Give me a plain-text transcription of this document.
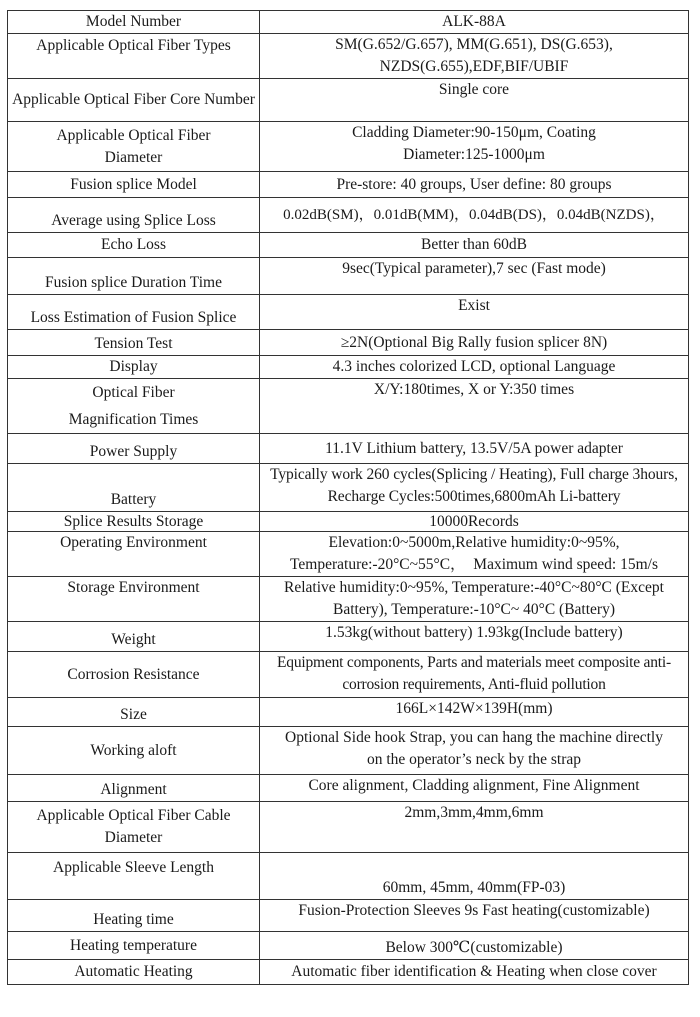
Model Number	ALK-88A
Applicable Optical Fiber Types	SM(G.652/G.657), MM(G.651), DS(G.653), NZDS(G.655),EDF,BIF/UBIF

Applicable Optical Fiber Core Number	Single core

Applicable Optical Fiber Diameter	Cladding Diameter:90-150μm, Coating Diameter:125-1000μm

Fusion splice Model	Pre-store: 40 groups, User define: 80 groups
Average using Splice Loss	0.02dB(SM)，0.01dB(MM)，0.04dB(DS)，0.04dB(NZDS)，
Echo Loss	Better than 60dB
Fusion splice Duration Time	9sec(Typical parameter),7 sec (Fast mode)
Loss Estimation of Fusion Splice	Exist
Tension Test	≥2N(Optional Big Rally fusion splicer 8N)
Display	4.3 inches colorized LCD, optional Language

Optical Fiber Magnification Times	X/Y:180times, X or Y:350 times
Power Supply	11.1V Lithium battery, 13.5V/5A power adapter
Battery	Typically work 260 cycles(Splicing / Heating), Full charge 3hours, Recharge Cycles:500times,6800mAh Li-battery

Splice Results Storage	10000Records
Operating Environment	Elevation:0~5000m,Relative humidity:0~95%, Temperature:-20°C~55°C，  Maximum wind speed: 15m/s

Storage Environment	Relative humidity:0~95%, Temperature:-40°C~80°C (Except Battery), Temperature:-10°C~ 40°C (Battery)

Weight	1.53kg(without battery) 1.93kg(Include battery)
Corrosion Resistance	Equipment components, Parts and materials meet composite anti-corrosion requirements, Anti-fluid pollution

Size	166L×142W×139H(mm)
Working aloft	Optional Side hook Strap, you can hang the machine directly on the operator’s neck by the strap

Alignment	Core alignment, Cladding alignment, Fine Alignment

Applicable Optical Fiber Cable Diameter	2mm,3mm,4mm,6mm
Applicable Sleeve Length	60mm, 45mm, 40mm(FP-03)
Heating time	Fusion-Protection Sleeves 9s Fast heating(customizable)
Heating temperature	Below 300℃(customizable)
Automatic Heating	Automatic fiber identification & Heating when close cover
